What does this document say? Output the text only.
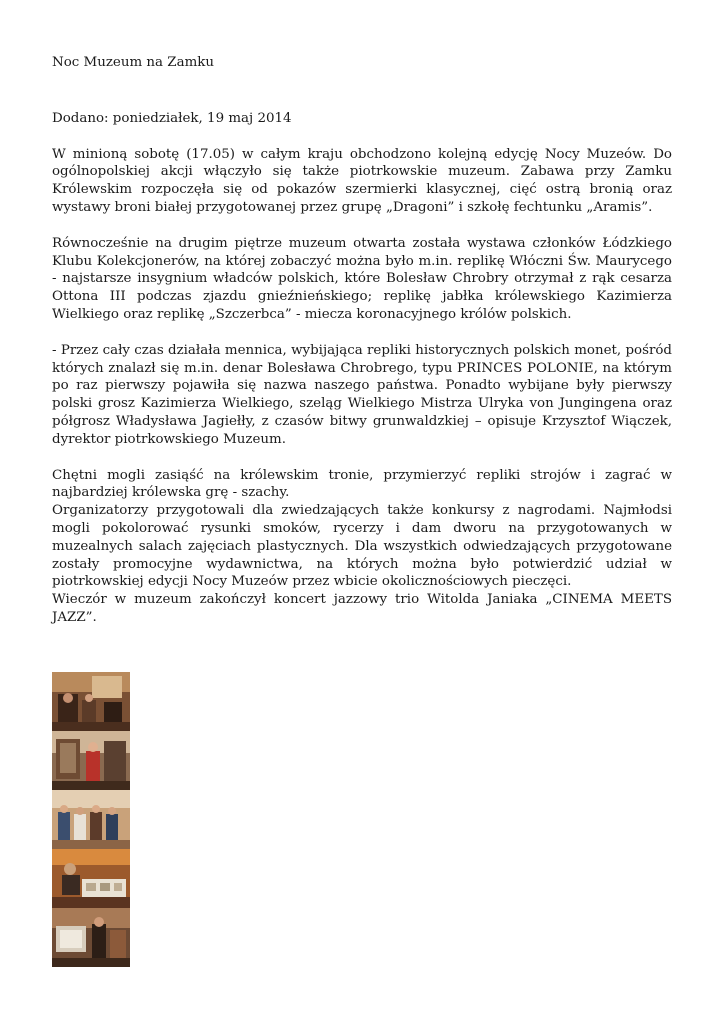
Noc Muzeum na Zamku

Dodano: poniedziałek, 19 maj 2014

W minioną sobotę (17.05) w całym kraju obchodzono kolejną edycję Nocy Muzeów. Do ogólnopolskiej akcji włączyło się także piotrkowskie muzeum. Zabawa przy Zamku Królewskim rozpoczęła się od pokazów szermierki klasycznej, cięć ostrą bronią oraz wystawy broni białej przygotowanej przez grupę „Dragoni” i szkołę fechtunku „Aramis”.

Równocześnie na drugim piętrze muzeum otwarta została wystawa członków Łódzkiego Klubu Kolekcjonerów, na której zobaczyć można było m.in. replikę Włóczni Św. Maurycego - najstarsze insygnium władców polskich, które Bolesław Chrobry otrzymał z rąk cesarza Ottona III podczas zjazdu gnieźnieńskiego; replikę jabłka królewskiego Kazimierza Wielkiego oraz replikę „Szczerbca” - miecza koronacyjnego królów polskich.

- Przez cały czas działała mennica, wybijająca repliki historycznych polskich monet, pośród których znalazł się m.in. denar Bolesława Chrobrego, typu PRINCES POLONIE, na którym po raz pierwszy pojawiła się nazwa naszego państwa. Ponadto wybijane były pierwszy polski grosz Kazimierza Wielkiego, szeląg Wielkiego Mistrza Ulryka von Jungingena oraz półgrosz Władysława Jagiełły, z czasów bitwy grunwaldzkiej – opisuje Krzysztof Wiączek, dyrektor piotrkowskiego Muzeum.

Chętni mogli zasiąść na królewskim tronie, przymierzyć repliki strojów i zagrać w najbardziej królewska grę - szachy.

Organizatorzy przygotowali dla zwiedzających także konkursy z nagrodami. Najmłodsi mogli pokolorować rysunki smoków, rycerzy i dam dworu na przygotowanych w muzealnych salach zajęciach plastycznych. Dla wszystkich odwiedzających przygotowane zostały promocyjne wydawnictwa, na których można było potwierdzić udział w piotrkowskiej edycji Nocy Muzeów przez wbicie okolicznościowych pieczęci.

Wieczór w muzeum zakończył koncert jazzowy trio Witolda Janiaka „CINEMA MEETS JAZZ”.
